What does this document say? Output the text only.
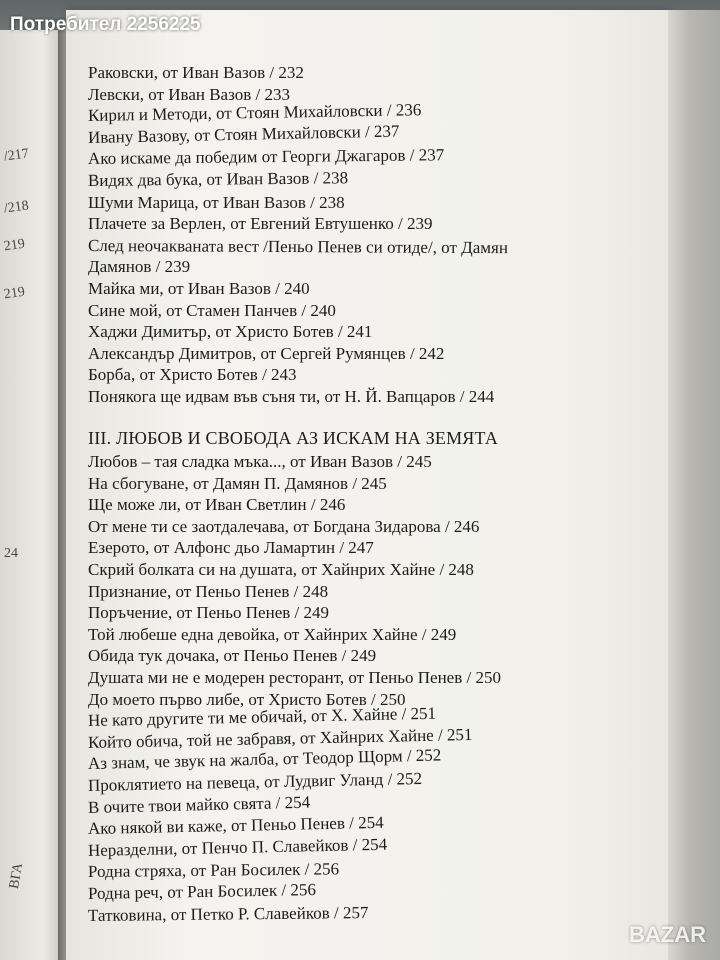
/217
/218
219
219
24
ВГА
Раковски, от Иван Вазов / 232
Левски, от Иван Вазов / 233
Кирил и Методи, от Стоян Михайловски / 236
Ивану Вазову, от Стоян Михайловски / 237
Ако искаме да победим от Георги Джагаров / 237
Видях два бука, от Иван Вазов / 238
Шуми Марица, от Иван Вазов / 238
Плачете за Верлен, от Евгений Евтушенко / 239
След неочакваната вест /Пеньо Пенев си отиде/, от Дамян
Дамянов / 239
Майка ми, от Иван Вазов / 240
Сине мой, от Стамен Панчев / 240
Хаджи Димитър, от Христо Ботев / 241
Александър Димитров, от Сергей Румянцев / 242
Борба, от Христо Ботев / 243
Понякога ще идвам във съня ти, от Н. Й. Вапцаров / 244
III. ЛЮБОВ И СВОБОДА АЗ ИСКАМ НА ЗЕМЯТА
Любов – тая сладка мъка..., от Иван Вазов / 245
На сбогуване, от Дамян П. Дамянов / 245
Ще може ли, от Иван Светлин / 246
От мене ти се заотдалечава, от Богдана Зидарова / 246
Езерото, от Алфонс дьо Ламартин / 247
Скрий болката си на душата, от Хайнрих Хайне / 248
Признание, от Пеньо Пенев / 248
Поръчение, от Пеньо Пенев / 249
Той любеше една девойка, от Хайнрих Хайне / 249
Обида тук дочака, от Пеньо Пенев / 249
Душата ми не е модерен ресторант, от Пеньо Пенев / 250
До моето първо либе, от Христо Ботев / 250
Не като другите ти ме обичай, от Х. Хайне / 251
Който обича, той не забравя, от Хайнрих Хайне / 251
Аз знам, че звук на жалба, от Теодор Щорм / 252
Проклятието на певеца, от Лудвиг Уланд / 252
В очите твои майко свята / 254
Ако някой ви каже, от Пеньо Пенев / 254
Неразделни, от Пенчо П. Славейков / 254
Родна стряха, от Ран Босилек / 256
Родна реч, от Ран Босилек / 256
Татковина, от Петко Р. Славейков / 257
Потребител 2256225
BAZAR
